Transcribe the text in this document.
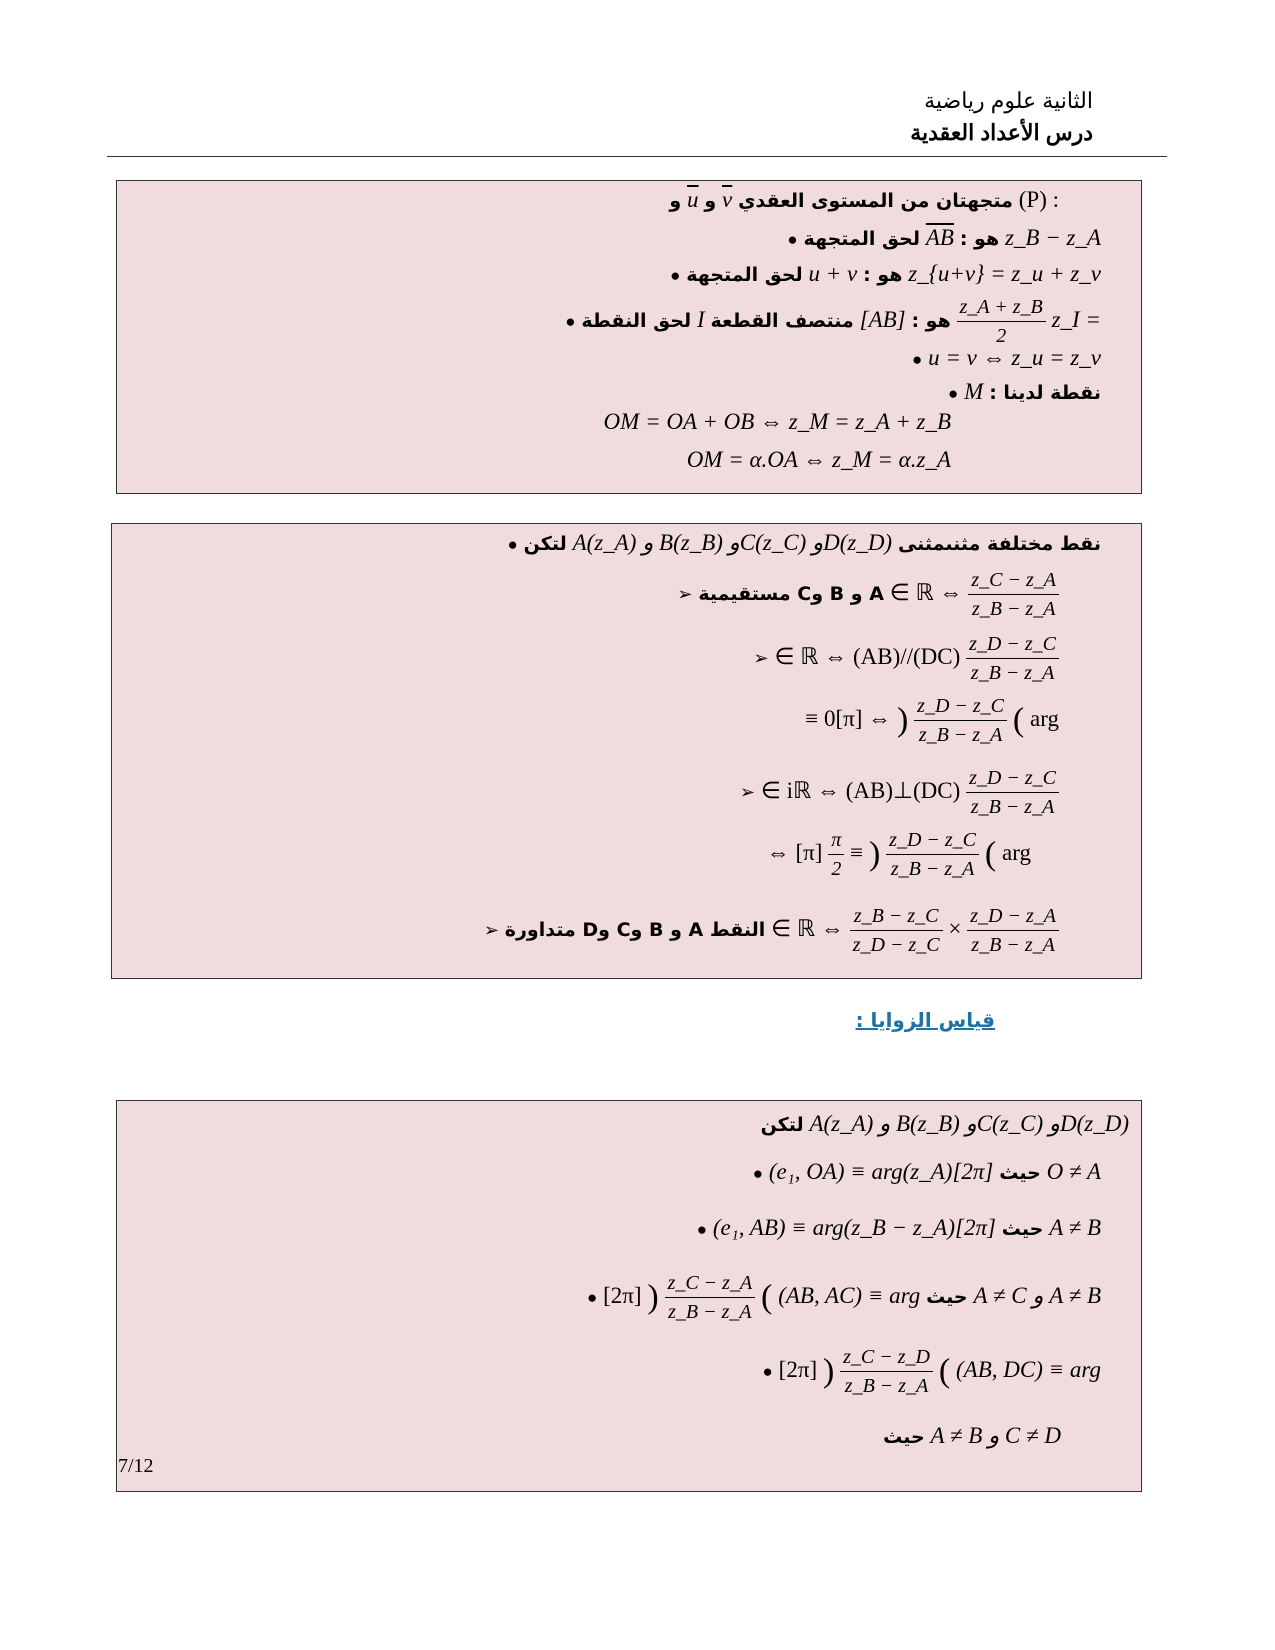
الثانية علوم رياضية
درس الأعداد العقدية
و $\overline{u}$ و $\overline{v}$ متجهتان من المستوى العقدي (P) :
● لحق المتجهة $\overline{AB}$ هو : z_B − z_A
● لحق المتجهة u + v هو : z_{u+v} = z_u + z_v
● لحق النقطة I منتصف القطعة [AB] هو : $\frac{z\_A + z\_B}{2}$ z_I =
● u = v ⇔ z_u = z_v
● M نقطة لدينا :
OM = OA + OB ⇔ z_M = z_A + z_B
OM = α.OA ⇔ z_M = α.z_A
● لتكن A(z_A) و B(z_B) وC(z_C) وD(z_D) نقط مختلفة مثنىمثنى
➢ A و B وC مستقيمية ∈ ℝ ⇔ $\frac{z\_C - z\_A}{z\_B - z\_A}$
➢ ∈ ℝ ⇔ $(AB)//(DC) \frac{z\_D - z\_C}{z\_B - z\_A}$
≡ 0[π] ⇔ ) $\frac{z\_D - z\_C}{z\_B - z\_A}$ ( arg
➢ ∈ iℝ ⇔ (AB)⊥(DC) $\frac{z\_D - z\_C}{z\_B - z\_A}$
⇔ $[\pi] \frac{\pi}{2}$ ≡ ) $\frac{z\_D - z\_C}{z\_B - z\_A}$ ( arg
➢ النقط A و B وC وD متداورة ∈ ℝ ⇔ $\frac{z\_B - z\_C}{z\_D - z\_C} \times \frac{z\_D - z\_A}{z\_B - z\_A}$
قياس الزوايا :
لتكن A(z_A) و B(z_B) وC(z_C) وD(z_D)
● (e₁, OA) ≡ arg(z_A)[2π] حيث O ≠ A
● (e₁, AB) ≡ arg(z_B − z_A)[2π] حيث A ≠ B
● [2π] ) $\frac{z\_C - z\_A}{z\_B - z\_A}$ ( (AB, AC) ≡ arg حيث A ≠ C و A ≠ B
● [2π] ) $\frac{z\_C - z\_D}{z\_B - z\_A}$ ( (AB, DC) ≡ arg
حيث A ≠ B و C ≠ D
7/12
